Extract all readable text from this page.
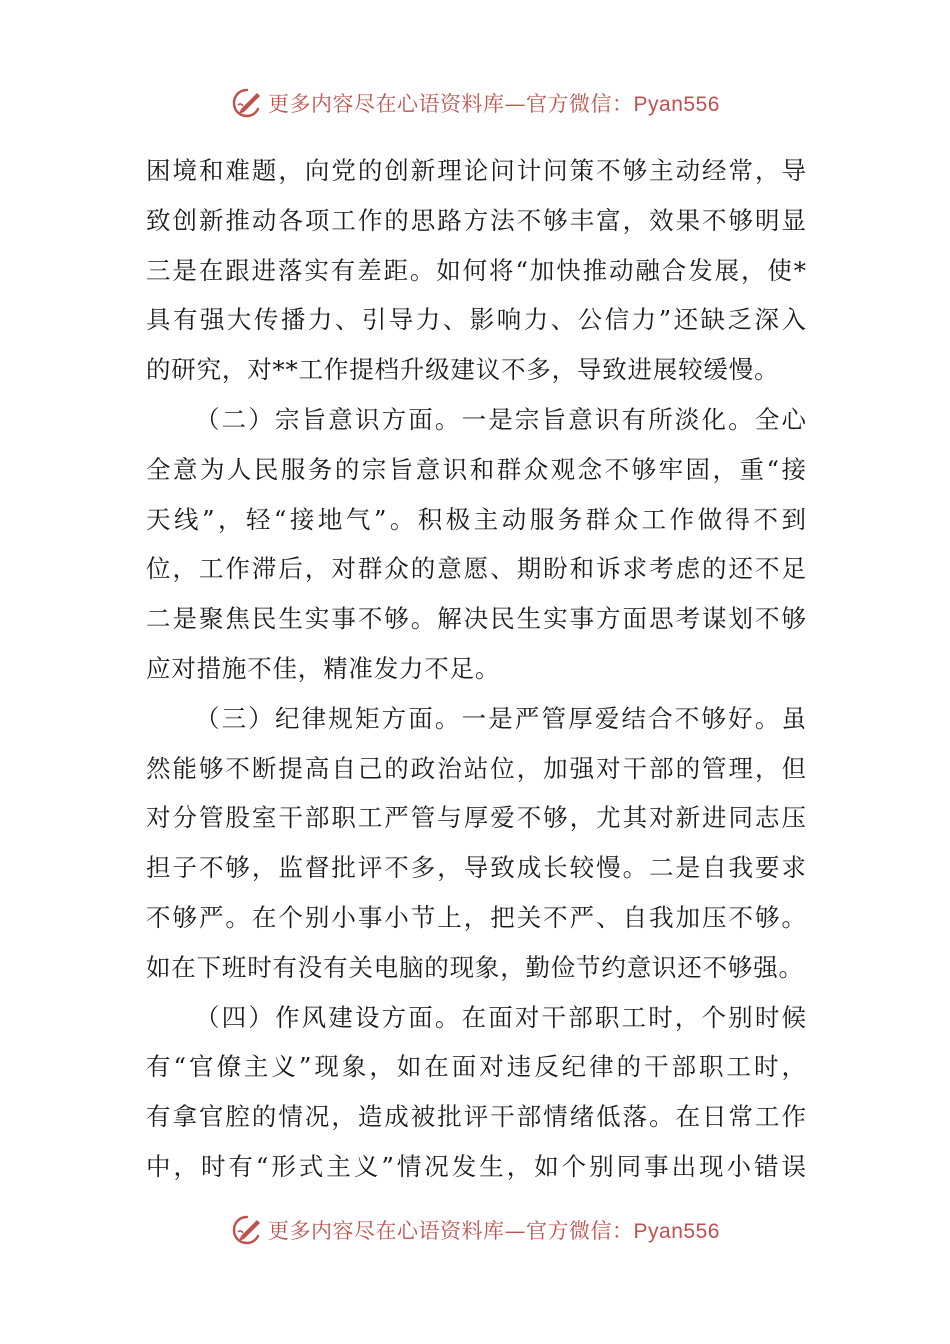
更多内容尽在心语资料库—官方微信：Pyan556
困境和难题，向党的创新理论问计问策不够主动经常，导
致创新推动各项工作的思路方法不够丰富，效果不够明显
三是在跟进落实有差距。如何将“加快推动融合发展，使*
具有强大传播力、引导力、影响力、公信力”还缺乏深入
的研究，对**工作提档升级建议不多，导致进展较缓慢。
（二）宗旨意识方面。一是宗旨意识有所淡化。全心
全意为人民服务的宗旨意识和群众观念不够牢固，重“接
天线”，轻“接地气”。积极主动服务群众工作做得不到
位，工作滞后，对群众的意愿、期盼和诉求考虑的还不足
二是聚焦民生实事不够。解决民生实事方面思考谋划不够
应对措施不佳，精准发力不足。
（三）纪律规矩方面。一是严管厚爱结合不够好。虽
然能够不断提高自己的政治站位，加强对干部的管理，但
对分管股室干部职工严管与厚爱不够，尤其对新进同志压
担子不够，监督批评不多，导致成长较慢。二是自我要求
不够严。在个别小事小节上，把关不严、自我加压不够。
如在下班时有没有关电脑的现象，勤俭节约意识还不够强。
（四）作风建设方面。在面对干部职工时，个别时候
有“官僚主义”现象，如在面对违反纪律的干部职工时，
有拿官腔的情况，造成被批评干部情绪低落。在日常工作
中，时有“形式主义”情况发生，如个别同事出现小错误
更多内容尽在心语资料库—官方微信：Pyan556
